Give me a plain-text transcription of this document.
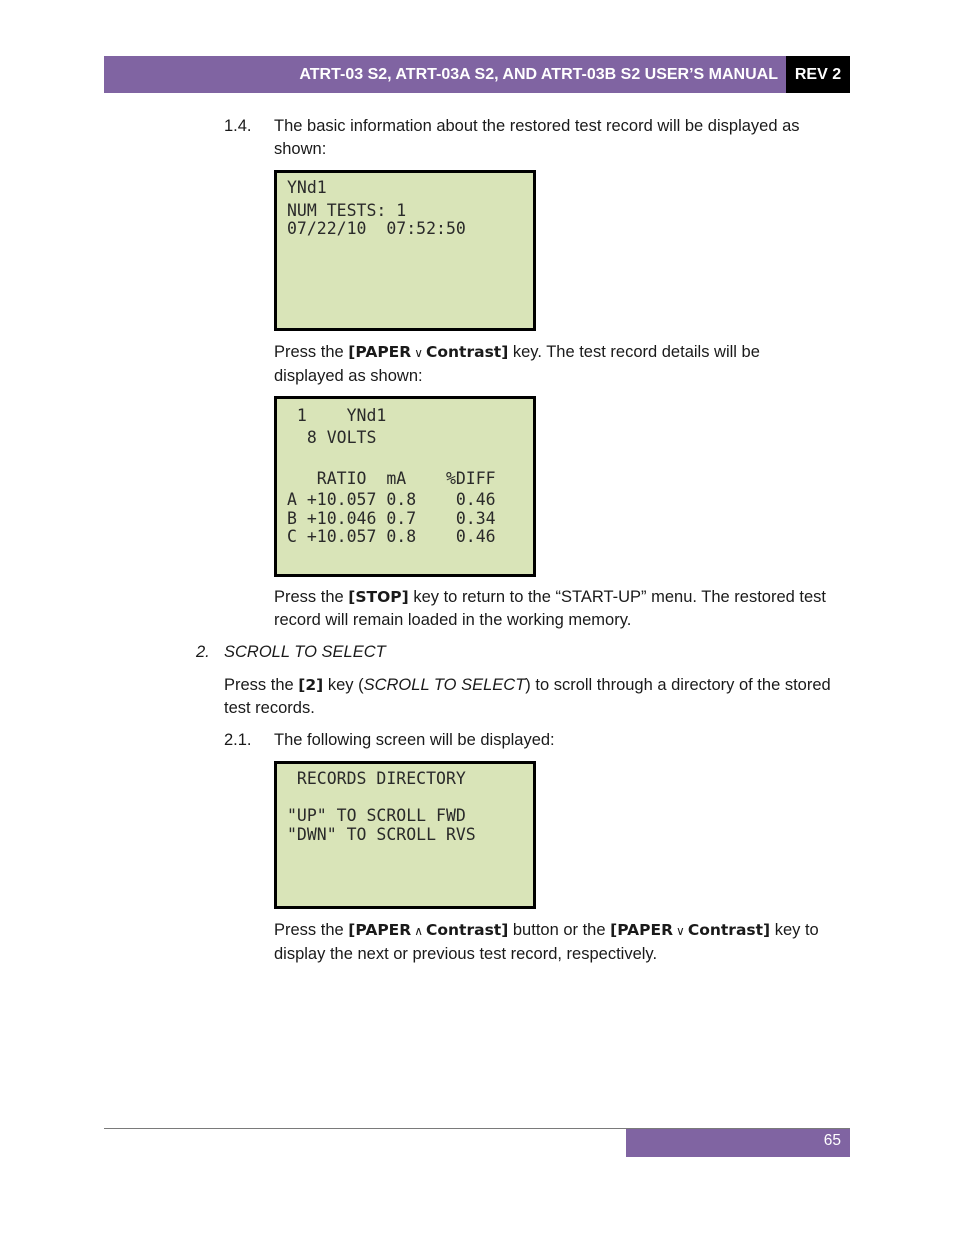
ATRT-03 S2, ATRT-03A S2, AND ATRT-03B S2 USER’S MANUAL	REV 2
1.4.	The basic information about the restored test record will be displayed as shown:
YNd1
NUM TESTS: 1
07/22/10  07:52:50
Press the [PAPER ∨ Contrast] key. The test record details will be displayed as shown:
1    YNd1
8 VOLTS
RATIO  mA    %DIFF
A +10.057 0.8    0.46
B +10.046 0.7    0.34
C +10.057 0.8    0.46
Press the [STOP] key to return to the “START-UP” menu. The restored test record will remain loaded in the working memory.
2. SCROLL TO SELECT
Press the [2] key (SCROLL TO SELECT) to scroll through a directory of the stored test records.
2.1.	The following screen will be displayed:
RECORDS DIRECTORY
"UP" TO SCROLL FWD
"DWN" TO SCROLL RVS
Press the [PAPER ∧ Contrast] button or the [PAPER ∨ Contrast] key to display the next or previous test record, respectively.
65
